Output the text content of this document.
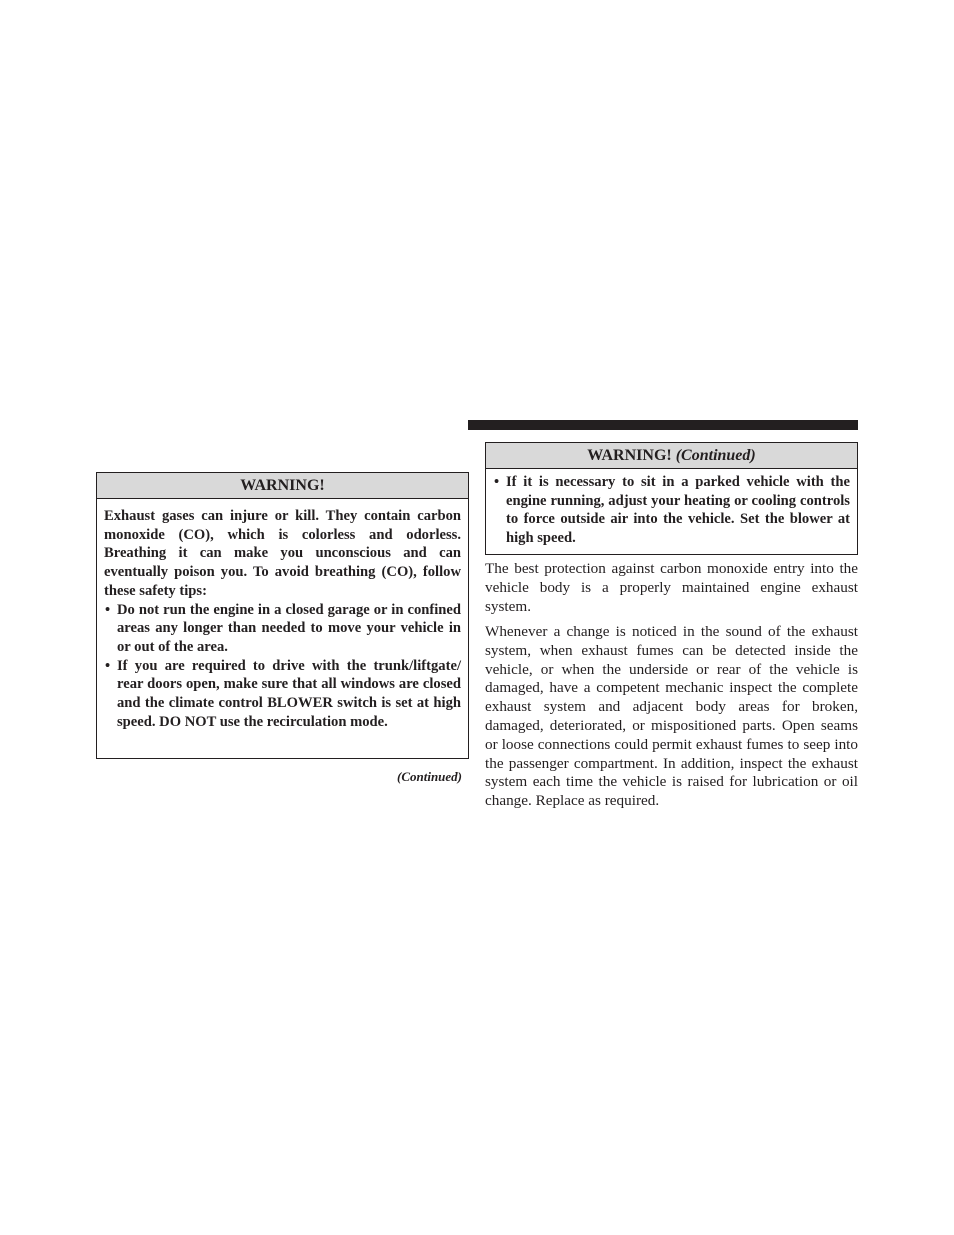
WARNING!

Exhaust gases can injure or kill. They contain carbon monoxide (CO), which is colorless and odorless. Breathing it can make you unconscious and can eventually poison you. To avoid breathing (CO), follow these safety tips:

• Do not run the engine in a closed garage or in confined areas any longer than needed to move your vehicle in or out of the area.

• If you are required to drive with the trunk/liftgate/ rear doors open, make sure that all windows are closed and the climate control BLOWER switch is set at high speed. DO NOT use the recirculation mode.

(Continued)
WARNING! (Continued)

• If it is necessary to sit in a parked vehicle with the engine running, adjust your heating or cooling controls to force outside air into the vehicle. Set the blower at high speed.

The best protection against carbon monoxide entry into the vehicle body is a properly maintained engine exhaust system.

Whenever a change is noticed in the sound of the exhaust system, when exhaust fumes can be detected inside the vehicle, or when the underside or rear of the vehicle is damaged, have a competent mechanic inspect the complete exhaust system and adjacent body areas for broken, damaged, deteriorated, or mispositioned parts. Open seams or loose connections could permit exhaust fumes to seep into the passenger compartment. In addition, inspect the exhaust system each time the vehicle is raised for lubrication or oil change. Replace as required.
